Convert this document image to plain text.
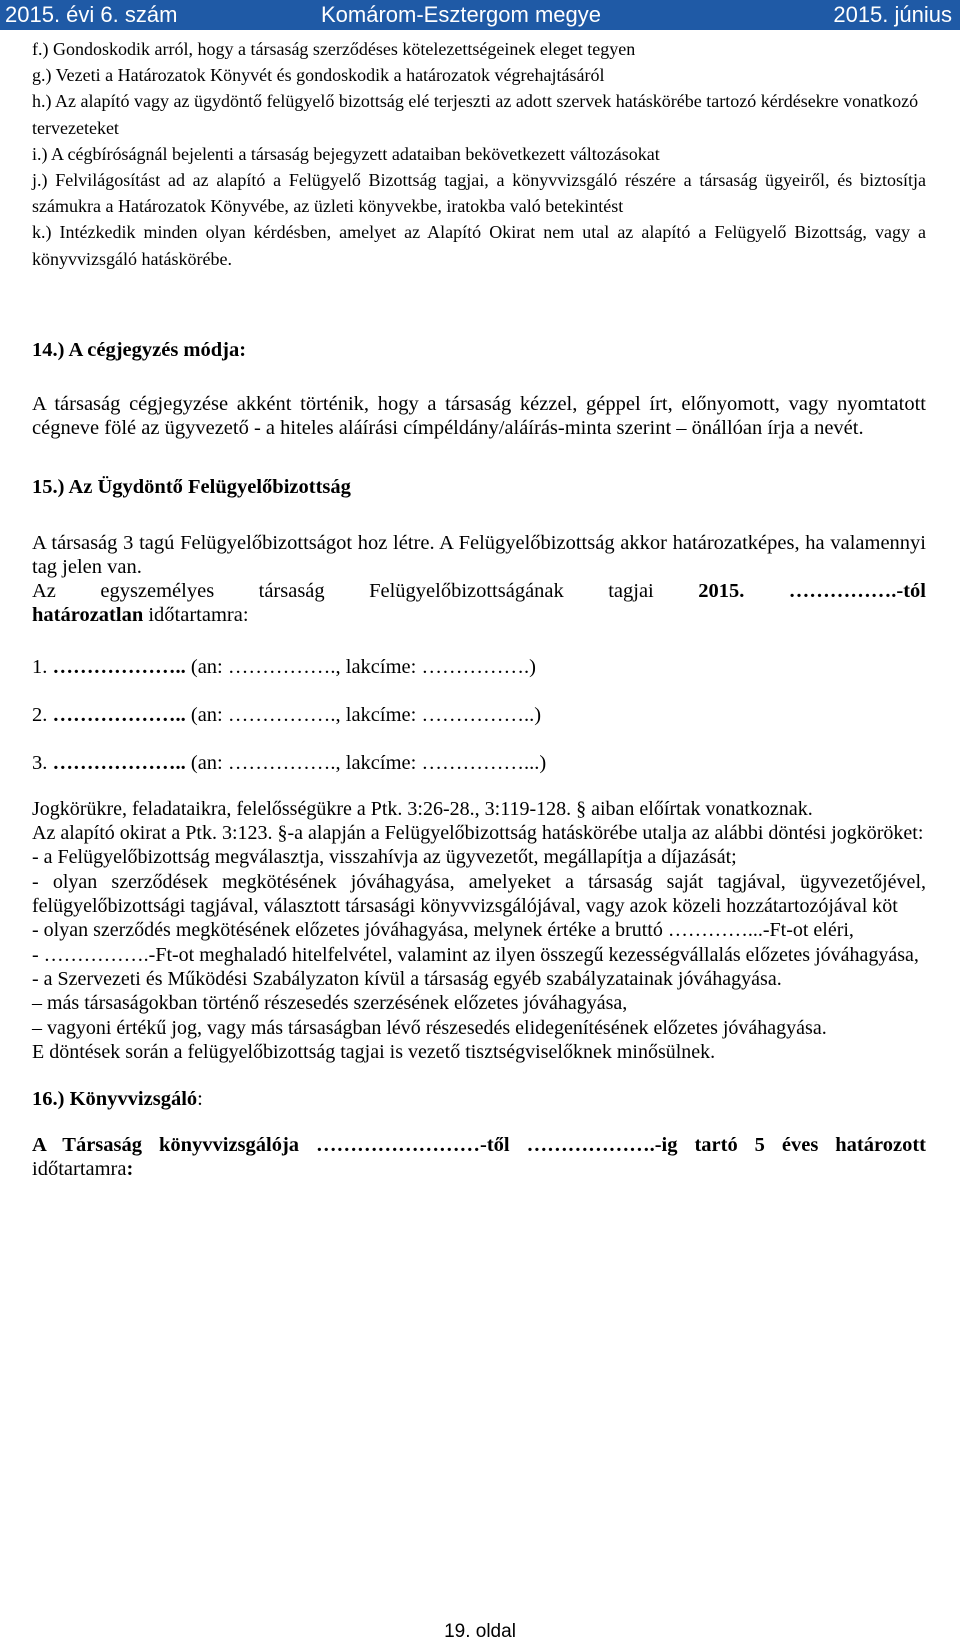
2015. évi 6. szám	Komárom-Esztergom megye	2015. június

f.) Gondoskodik arról, hogy a társaság szerződéses kötelezettségeinek eleget tegyen

g.) Vezeti a Határozatok Könyvét és gondoskodik a határozatok végrehajtásáról

h.) Az alapító vagy az ügydöntő felügyelő bizottság elé terjeszti az adott szervek hatáskörébe tartozó kérdésekre vonatkozó tervezeteket

i.) A cégbíróságnál bejelenti a társaság bejegyzett adataiban bekövetkezett változásokat

j.) Felvilágosítást ad az alapító a Felügyelő Bizottság tagjai, a könyvvizsgáló részére a társaság ügyeiről, és biztosítja számukra a Határozatok Könyvébe, az üzleti könyvekbe, iratokba való betekintést

k.) Intézkedik minden olyan kérdésben, amelyet az Alapító Okirat nem utal az alapító a Felügyelő Bizottság, vagy a könyvvizsgáló hatáskörébe.

14.) A cégjegyzés módja:

A társaság cégjegyzése akként történik, hogy a társaság kézzel, géppel írt, előnyomott, vagy nyomtatott cégneve fölé az ügyvezető - a hiteles aláírási címpéldány/aláírás-minta szerint – önállóan írja a nevét.

15.) Az Ügydöntő Felügyelőbizottság

A társaság 3 tagú Felügyelőbizottságot hoz létre. A Felügyelőbizottság akkor határozatképes, ha valamennyi tag jelen van.

Az egyszemélyes társaság Felügyelőbizottságának tagjai 2015. …………….-tól

határozatlan időtartamra:

1. ……………….. (an: ……………., lakcíme: …………….)

2. ……………….. (an: ……………., lakcíme: ……………..)

3. ……………….. (an: ……………., lakcíme: ……………...)

Jogkörükre, feladataikra, felelősségükre a Ptk. 3:26-28., 3:119-128. § aiban előírtak vonatkoznak.

Az alapító okirat a Ptk. 3:123. §-a alapján a Felügyelőbizottság hatáskörébe utalja az alábbi döntési jogköröket:

- a Felügyelőbizottság megválasztja, visszahívja az ügyvezetőt, megállapítja a díjazását;

- olyan szerződések megkötésének jóváhagyása, amelyeket a társaság saját tagjával, ügyvezetőjével, felügyelőbizottsági tagjával, választott társasági könyvvizsgálójával, vagy azok közeli hozzátartozójával köt

- olyan szerződés megkötésének előzetes jóváhagyása, melynek értéke a bruttó …………...-Ft-ot eléri,

- …………….-Ft-ot meghaladó hitelfelvétel, valamint az ilyen összegű kezességvállalás előzetes jóváhagyása,

- a Szervezeti és Működési Szabályzaton kívül a társaság egyéb szabályzatainak jóváhagyása.

– más társaságokban történő részesedés szerzésének előzetes jóváhagyása,

– vagyoni értékű jog, vagy más társaságban lévő részesedés elidegenítésének előzetes jóváhagyása.

E döntések során a felügyelőbizottság tagjai is vezető tisztségviselőknek minősülnek.

16.) Könyvvizsgáló:

A Társaság könyvvizsgálója ……………………-től ……………….-ig tartó 5 éves határozott időtartamra:

19. oldal
